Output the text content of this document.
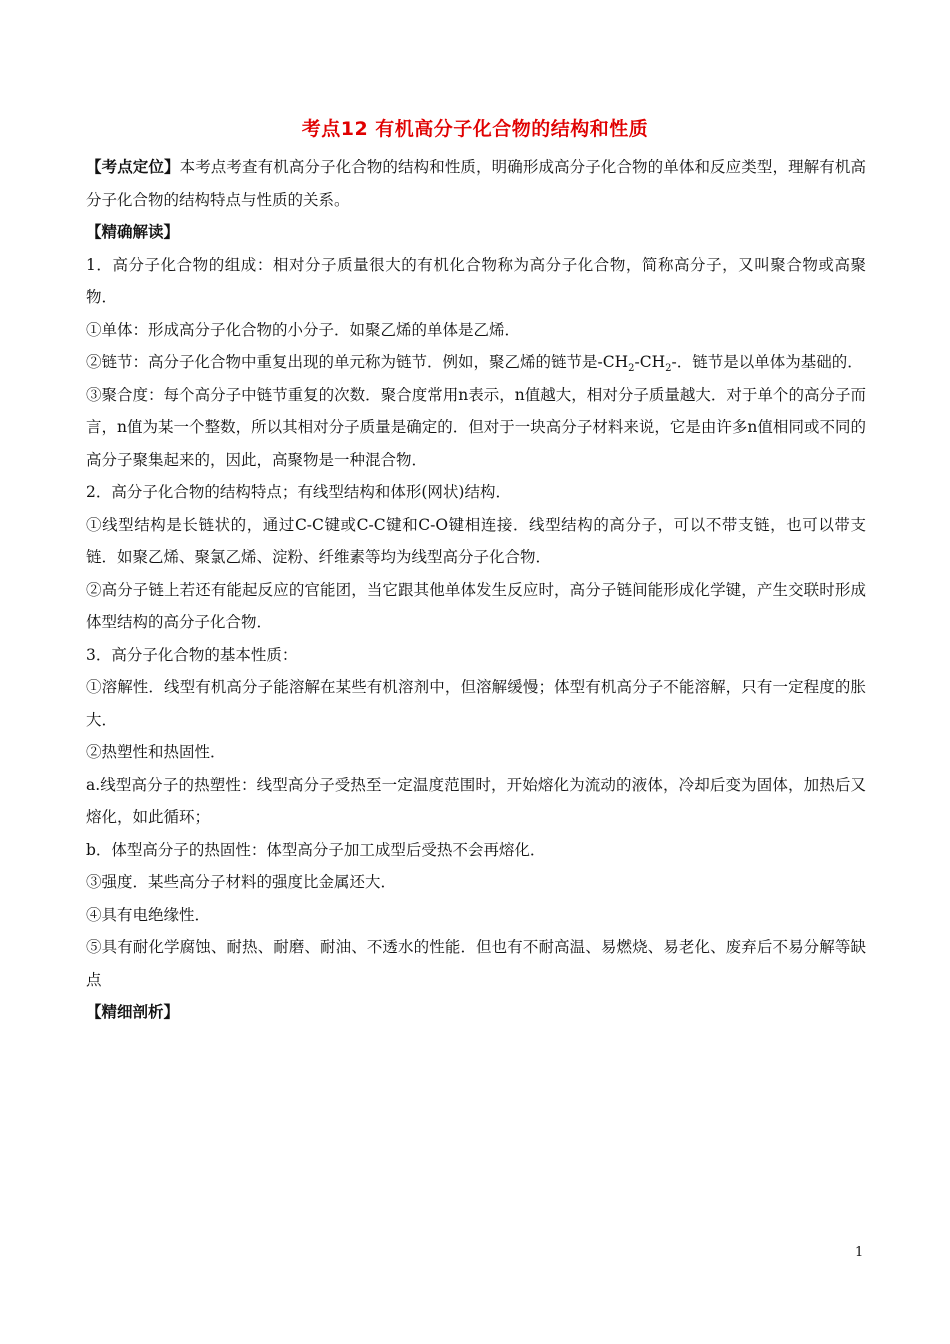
考点12 有机高分子化合物的结构和性质

【考点定位】本考点考查有机高分子化合物的结构和性质，明确形成高分子化合物的单体和反应类型，理解有机高分子化合物的结构特点与性质的关系。

【精确解读】

1．高分子化合物的组成：相对分子质量很大的有机化合物称为高分子化合物，简称高分子，又叫聚合物或高聚物．

①单体：形成高分子化合物的小分子．如聚乙烯的单体是乙烯．

②链节：高分子化合物中重复出现的单元称为链节．例如，聚乙烯的链节是$-CH_2-CH_2-$．链节是以单体为基础的．

③聚合度：每个高分子中链节重复的次数．聚合度常用n表示，n值越大，相对分子质量越大．对于单个的高分子而言，n值为某一个整数，所以其相对分子质量是确定的．但对于一块高分子材料来说，它是由许多n值相同或不同的高分子聚集起来的，因此，高聚物是一种混合物．

2．高分子化合物的结构特点；有线型结构和体形(网状)结构．

①线型结构是长链状的，通过C-C键或C-C键和C-O键相连接．线型结构的高分子，可以不带支链，也可以带支链．如聚乙烯、聚氯乙烯、淀粉、纤维素等均为线型高分子化合物．

②高分子链上若还有能起反应的官能团，当它跟其他单体发生反应时，高分子链间能形成化学键，产生交联时形成体型结构的高分子化合物．

3．高分子化合物的基本性质：

①溶解性．线型有机高分子能溶解在某些有机溶剂中，但溶解缓慢；体型有机高分子不能溶解，只有一定程度的胀大．

②热塑性和热固性．

a.线型高分子的热塑性：线型高分子受热至一定温度范围时，开始熔化为流动的液体，冷却后变为固体，加热后又熔化，如此循环；

b．体型高分子的热固性：体型高分子加工成型后受热不会再熔化．

③强度．某些高分子材料的强度比金属还大．

④具有电绝缘性．

⑤具有耐化学腐蚀、耐热、耐磨、耐油、不透水的性能．但也有不耐高温、易燃烧、易老化、废弃后不易分解等缺点

【精细剖析】

1
